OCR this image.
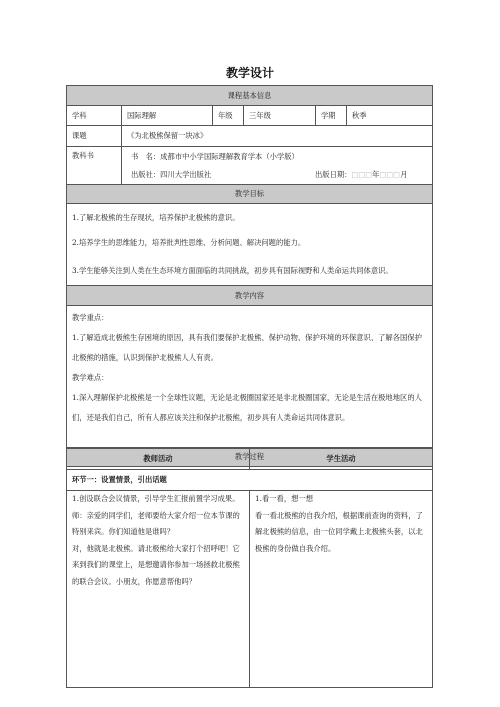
教学设计
课程基本信息					
学科	国际理解	年级	三年级	学期	秋季
课题	《为北极熊保留一块冰》				
教科书	书　名：成都市中小学国际理解教育学本（小学版）
出版社：四川大学出版社 出版日期：□□□年□□□月				

教学目标					

1.了解北极熊的生存现状，培养保护北极熊的意识。
2.培养学生的思维能力，培养批判性思维、分析问题、解决问题的能力。
3.学生能够关注到人类在生态环境方面面临的共同挑战，初步具有国际视野和人类命运共同体意识。					

教学内容					

教学重点：
1.了解造成北极熊生存困境的原因，具有我们要保护北极熊、保护动物、保护环境的环保意识、了解各国保护北极熊的措施，认识到保护北极熊人人有责。
教学难点：
1.深入理解保护北极熊是一个全球性议题，无论是北极圈国家还是非北极圈国家，无论是生活在极地地区的人们，还是我们自己，所有人都应该关注和保护北极熊，初步具有人类命运共同体意识。					

教学过程					
教师活动	学生活动
环节一：设置情景，引出话题	
1.创设联合会议情景，引导学生汇报前置学习成果。
师：亲爱的同学们，老师要给大家介绍一位本节课的特别来宾。你们知道他是谁吗？
对，他就是北极熊。请北极熊给大家打个招呼吧！它来到我们的课堂上，是想邀请你参加一场拯救北极熊的联合会议。小朋友，你愿意帮他吗？	1.看一看，想一想
看一看北极熊的自我介绍，根据课前查询的资料，了解北极熊的信息，由一位同学戴上北极熊头套，以北极熊的身份做自我介绍。
